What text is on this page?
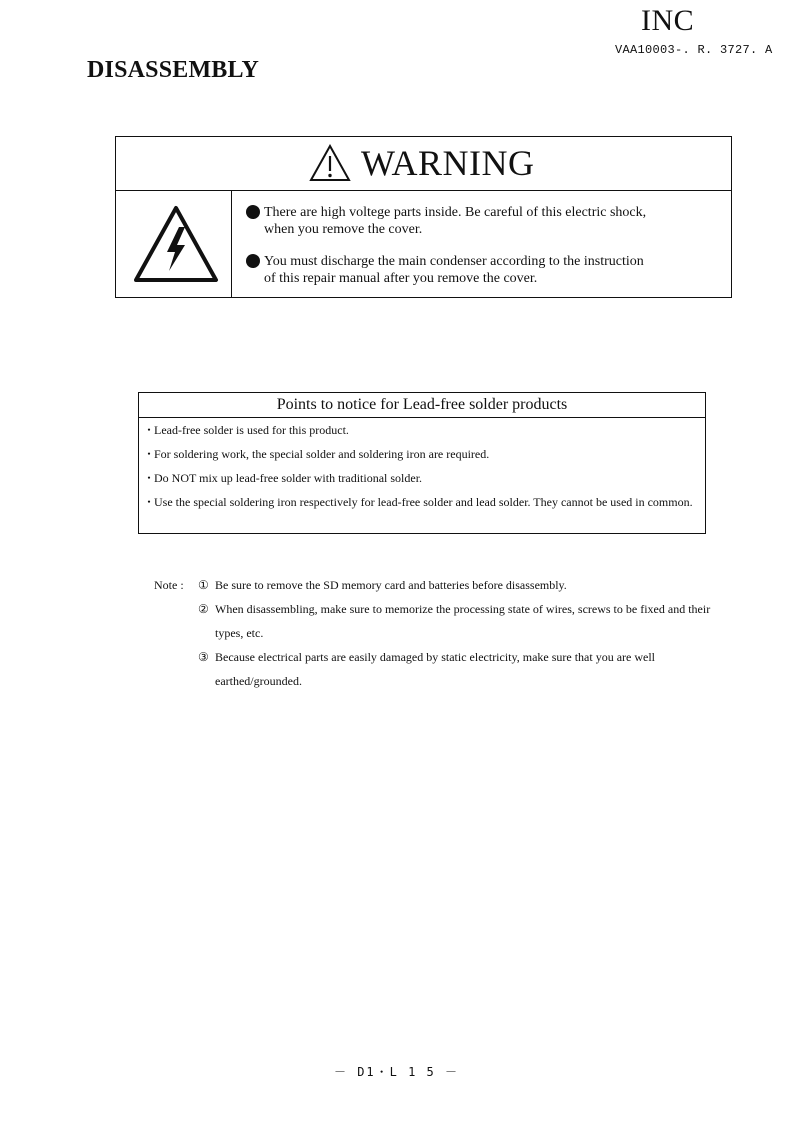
INC
VAA10003-. R. 3727. A
DISASSEMBLY
WARNING
There are high voltege parts inside. Be careful of this electric shock,
when you remove the cover.
You must discharge the main condenser according to the instruction
of this repair manual after you remove the cover.
Points to notice for Lead-free solder products
・
Lead-free solder is used for this product.
・
For soldering work, the special solder and soldering iron are required.
・
Do NOT mix up lead-free solder with traditional solder.
・
Use the special soldering iron respectively for lead-free solder and lead solder. They cannot be used in common.
Note : ① Be sure to remove the SD memory card and batteries before disassembly.
② When disassembling, make sure to memorize the processing state of wires, screws to be fixed and their types, etc.
③ Because electrical parts are easily damaged by static electricity, make sure that you are well earthed/grounded.
－ D1・L 1 5 －
